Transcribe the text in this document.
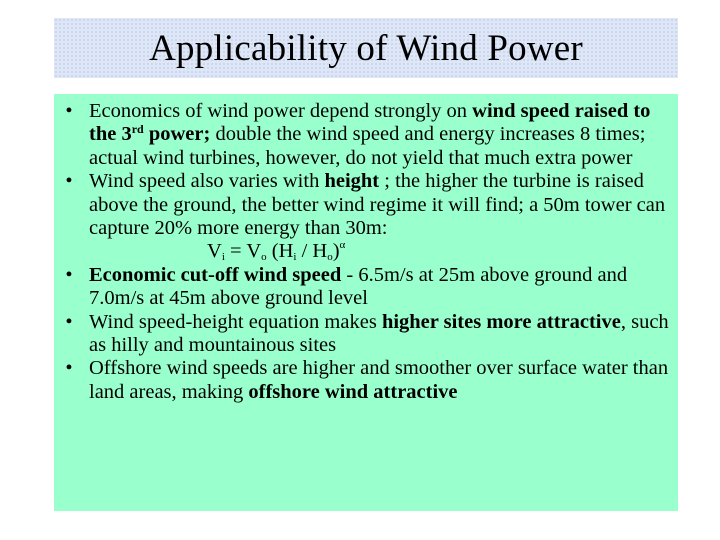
Applicability of Wind Power
• Economics of wind power depend strongly on wind speed raised to the 3rd power; double the wind speed and energy increases 8 times; actual wind turbines, however, do not yield that much extra power
• Wind speed also varies with height ; the higher the turbine is raised above the ground, the better wind regime it will find; a 50m tower can capture 20% more energy than 30m:
$V_i = V_o$ $(H_i / H_o)^\alpha$
• Economic cut-off wind speed - 6.5m/s at 25m above ground and 7.0m/s at 45m above ground level
• Wind speed-height equation makes higher sites more attractive, such as hilly and mountainous sites
• Offshore wind speeds are higher and smoother over surface water than land areas, making offshore wind attractive
